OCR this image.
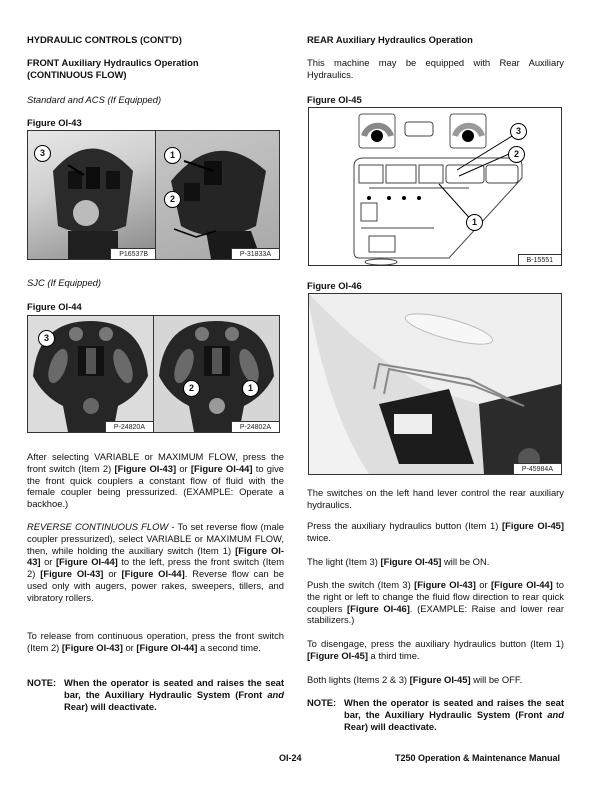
HYDRAULIC CONTROLS (CONT'D)

FRONT Auxiliary Hydraulics Operation

(CONTINUOUS FLOW)

Standard and ACS (If Equipped)

Figure OI-43

3
P16537B
1
2
P-31833A

SJC (If Equipped)

Figure OI-44

3
P-24820A
2	1
P-24802A

After selecting VARIABLE or MAXIMUM FLOW, press the front switch (Item 2) [Figure OI-43] or [Figure OI-44] to give the front quick couplers a constant flow of fluid with the female coupler being pressurized. (EXAMPLE: Operate a backhoe.)

REVERSE CONTINUOUS FLOW - To set reverse flow (male coupler pressurized), select VARIABLE or MAXIMUM FLOW, then, while holding the auxiliary switch (Item 1) [Figure OI-43] or [Figure OI-44] to the left, press the front switch (Item 2) [Figure OI-43] or [Figure OI-44]. Reverse flow can be used only with augers, power rakes, sweepers, tillers, and vibratory rollers.

To release from continuous operation, press the front switch (Item 2) [Figure OI-43] or [Figure OI-44] a second time.

NOTE: When the operator is seated and raises the seat bar, the Auxiliary Hydraulic System (Front and Rear) will deactivate.

REAR Auxiliary Hydraulics Operation

This machine may be equipped with Rear Auxiliary Hydraulics.

Figure OI-45

3
2
1
B-15551

Figure OI-46

P-45984A

The switches on the left hand lever control the rear auxiliary hydraulics.

Press the auxiliary hydraulics button (Item 1) [Figure OI-45] twice.

The light (Item 3) [Figure OI-45] will be ON.

Push the switch (Item 3) [Figure OI-43] or [Figure OI-44] to the right or left to change the fluid flow direction to rear quick couplers [Figure OI-46]. (EXAMPLE: Raise and lower rear stabilizers.)

To disengage, press the auxiliary hydraulics button (Item 1) [Figure OI-45] a third time.

Both lights (Items 2 & 3) [Figure OI-45] will be OFF.

NOTE: When the operator is seated and raises the seat bar, the Auxiliary Hydraulic System (Front and Rear) will deactivate.
OI-24	T250 Operation & Maintenance Manual
